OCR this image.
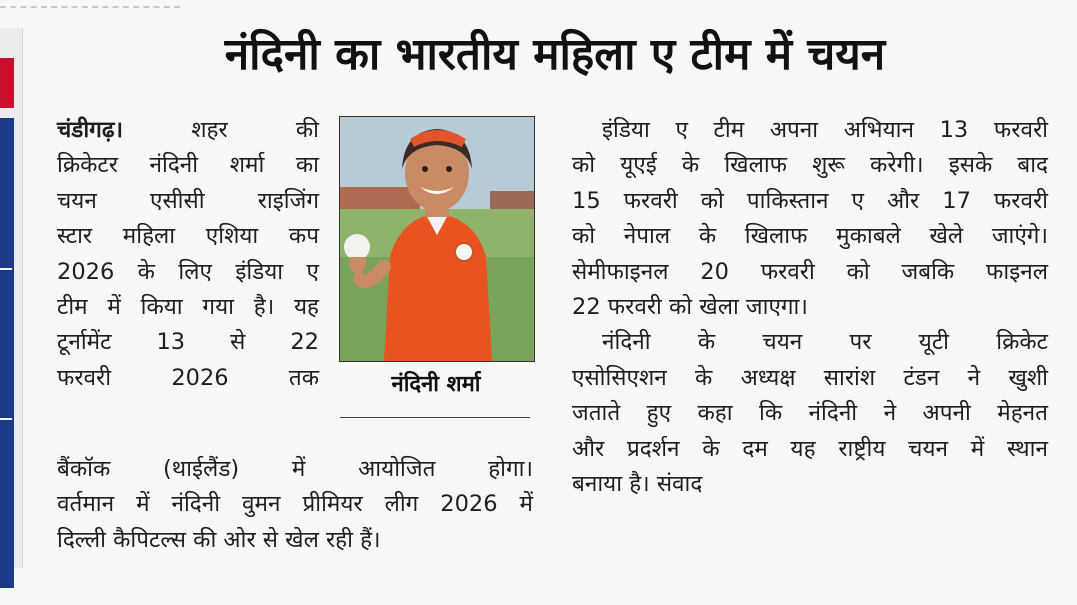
नंदिनी का भारतीय महिला ए टीम में चयन
चंडीगढ़।	शहर की
क्रिकेटर नंदिनी शर्मा का
चयन एसीसी राइजिंग
स्टार महिला एशिया कप
2026 के लिए इंडिया ए
टीम में किया गया है। यह
टूर्नामेंट 13 से 22
फरवरी 2026 तक
बैंकॉक (थाईलैंड) में आयोजित होगा।
वर्तमान में नंदिनी वुमन प्रीमियर लीग 2026 में
दिल्ली कैपिटल्स की ओर से खेल रही हैं।
नंदिनी शर्मा
इंडिया ए टीम अपना अभियान 13 फरवरी
को यूएई के खिलाफ शुरू करेगी। इसके बाद
15 फरवरी को पाकिस्तान ए और 17 फरवरी
को नेपाल के खिलाफ मुकाबले खेले जाएंगे।
सेमीफाइनल 20 फरवरी को जबकि फाइनल
22 फरवरी को खेला जाएगा।
नंदिनी के चयन पर यूटी क्रिकेट
एसोसिएशन के अध्यक्ष सारांश टंडन ने खुशी
जताते हुए कहा कि नंदिनी ने अपनी मेहनत
और प्रदर्शन के दम यह राष्ट्रीय चयन में स्थान
बनाया है। संवाद
